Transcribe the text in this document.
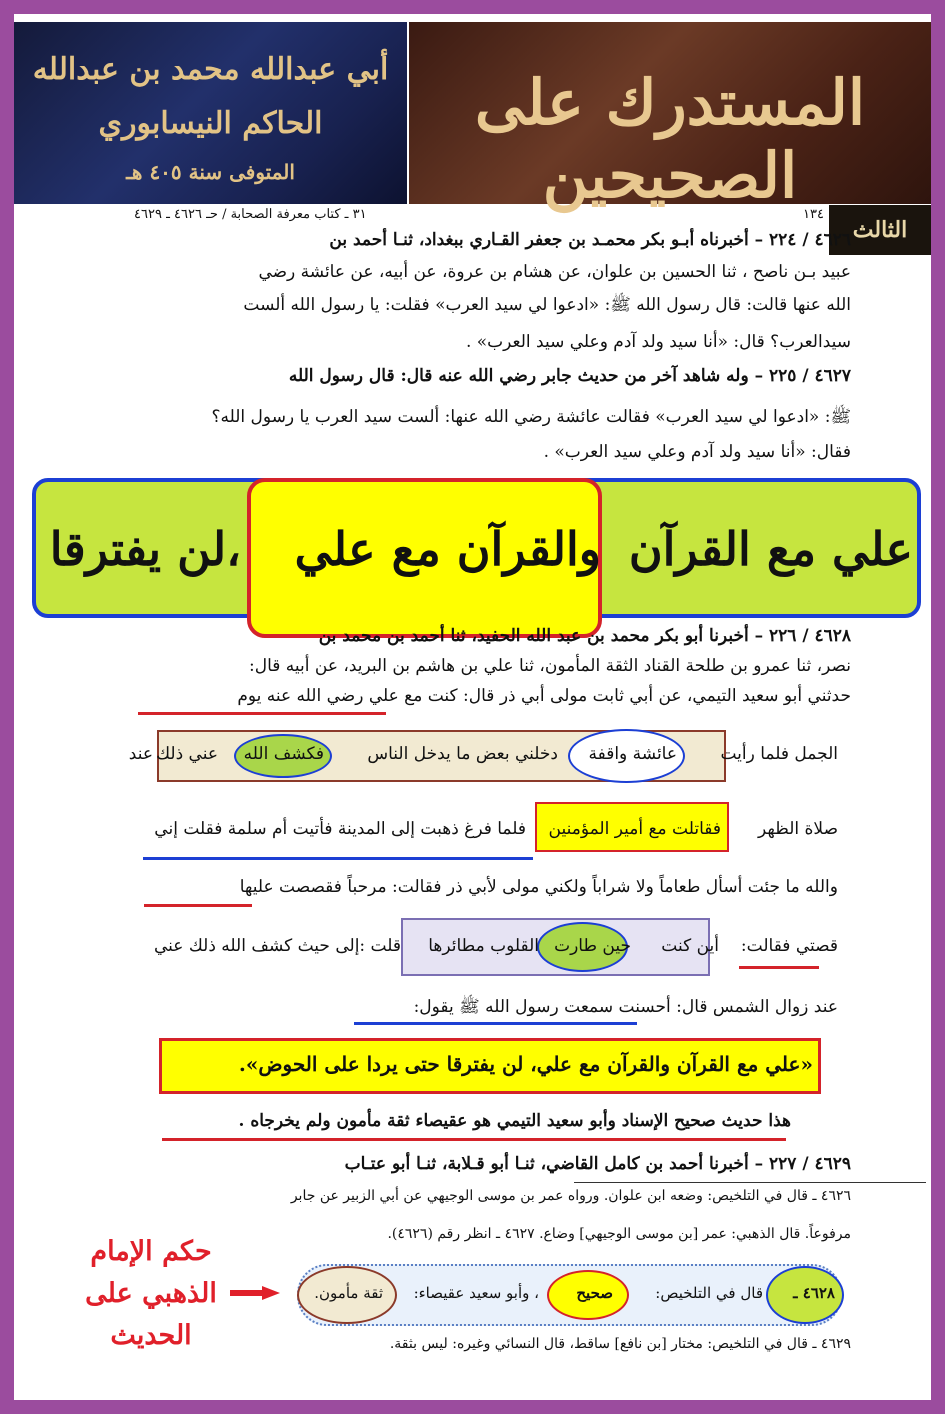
المستدرك على الصحيحين
أبي عبدالله محمد بن عبدالله
الحاكم النيسابوري
المتوفى سنة ٤٠٥ هـ
الثالث
١٣٤
٣١ ـ كتاب معرفة الصحابة / حـ ٤٦٢٦ ـ ٤٦٢٩

٤٦٢٦ / ٢٢٤ – أخبرناه أبـو بكر محمـد بن جعفر القـاري ببغداد، ثنـا أحمد بن

عبيد بـن ناصح ، ثنا الحسين بن علوان، عن هشام بن عروة، عن أبيه، عن عائشة رضي

الله عنها قالت: قال رسول الله ﷺ: «ادعوا لي سيد العرب» فقلت: يا رسول الله ألست

سيدالعرب؟ قال: «أنا سيد ولد آدم وعلي سيد العرب» .

٤٦٢٧ / ٢٢٥ – وله شاهد آخر من حديث جابر رضي الله عنه قال: قال رسول الله

ﷺ: «ادعوا لي سيد العرب» فقالت عائشة رضي الله عنها: ألست سيد العرب يا رسول الله؟

فقال: «أنا سيد ولد آدم وعلي سيد العرب» .

علي مع القرآن
والقرآن مع علي
،لن يفترقا

٤٦٢٨ / ٢٢٦ – أخبرنا أبو بكر محمد بن عبد الله الحفيد، ثنا أحمد بن محمد بن

نصر، ثنا عمرو بن طلحة القناد الثقة المأمون، ثنا علي بن هاشم بن البريد، عن أبيه قال:

حدثني أبو سعيد التيمي، عن أبي ثابت مولى أبي ذر قال: كنت مع علي رضي الله عنه يوم

الجمل فلما رأيت

عائشة واقفة

دخلني بعض ما يدخل الناس

فكشف الله

عني ذلك

عند

صلاة الظهر

فقاتلت مع أمير المؤمنين

فلما فرغ ذهبت إلى المدينة فأتيت أم سلمة فقلت إني

والله ما جئت أسأل طعاماً ولا شراباً ولكني مولى لأبي ذر فقالت: مرحباً فقصصت عليها

قصتي فقالت:

أين كنت

حين طارت

القلوب مطائرها

قلت :إلى حيث كشف الله ذلك عني

عند زوال الشمس قال: أحسنت سمعت رسول الله ﷺ يقول:

«علي مع القرآن والقرآن مع علي، لن يفترقا حتى يردا على الحوض».

هذا حديث صحيح الإسناد وأبو سعيد التيمي هو عقيصاء ثقة مأمون ولم يخرجاه .

٤٦٢٩ / ٢٢٧ – أخبرنا أحمد بن كامل القاضي، ثنـا أبو قـلابة، ثنـا أبو عتـاب

٤٦٢٦ ـ قال في التلخيص: وضعه ابن علوان. ورواه عمر بن موسى الوجيهي عن أبي الزبير عن جابر

مرفوعاً. قال الذهبي: عمر [بن موسى الوجيهي] وضاع. ٤٦٢٧ ـ انظر رقم (٤٦٢٦).

٤٦٢٨ ـ

قال في التلخيص:

صحيح

، وأبو سعيد عقيصاء:

ثقة مأمون.

٤٦٢٩ ـ قال في التلخيص: مختار [بن نافع] ساقط، قال النسائي وغيره: ليس بثقة.

حكم الإمام
الذهبي على
الحديث
